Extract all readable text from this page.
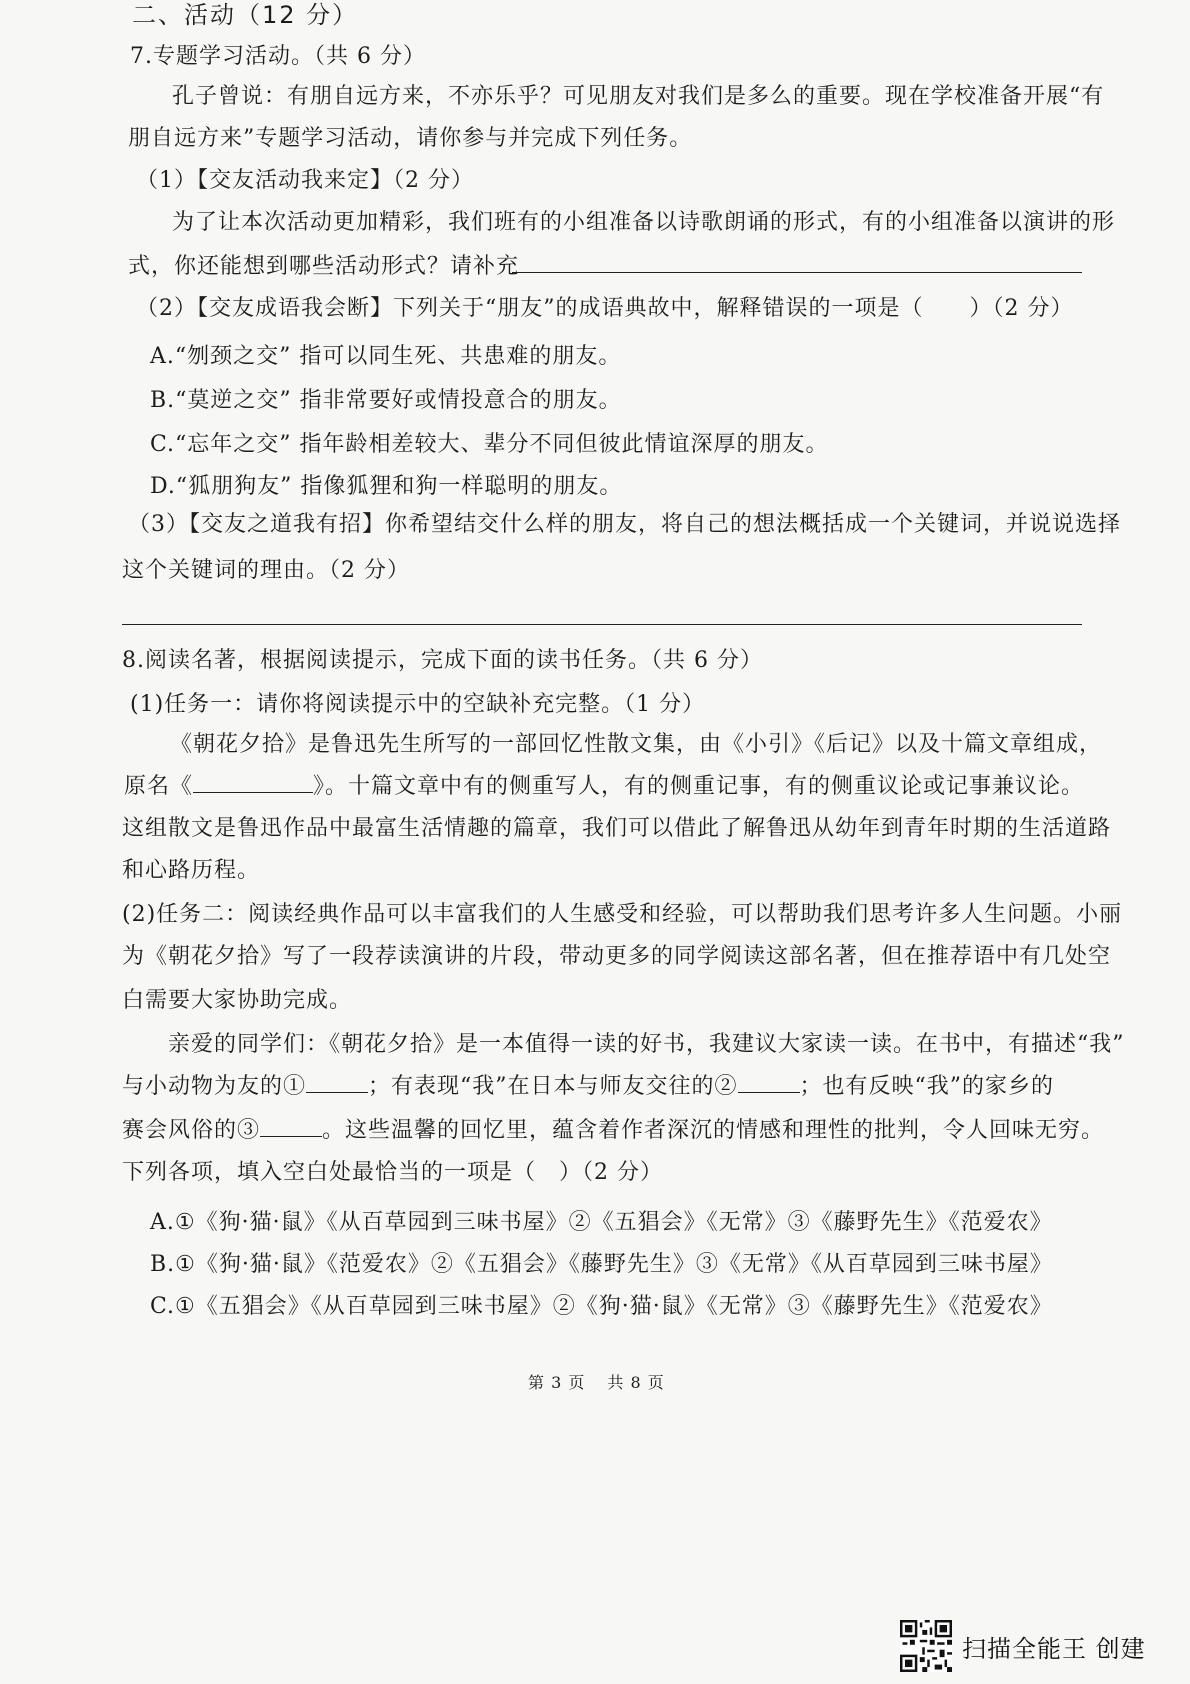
二、活动（12 分）
7.专题学习活动。（共 6 分）
孔子曾说：有朋自远方来，不亦乐乎？可见朋友对我们是多么的重要。现在学校准备开展“有
朋自远方来”专题学习活动，请你参与并完成下列任务。
（1）【交友活动我来定】（2 分）
为了让本次活动更加精彩，我们班有的小组准备以诗歌朗诵的形式，有的小组准备以演讲的形
式，你还能想到哪些活动形式？请补充
（2）【交友成语我会断】下列关于“朋友”的成语典故中，解释错误的一项是（　　）（2 分）
A.“刎颈之交” 指可以同生死、共患难的朋友。
B.“莫逆之交” 指非常要好或情投意合的朋友。
C.“忘年之交” 指年龄相差较大、辈分不同但彼此情谊深厚的朋友。
D.“狐朋狗友” 指像狐狸和狗一样聪明的朋友。
（3）【交友之道我有招】你希望结交什么样的朋友，将自己的想法概括成一个关键词，并说说选择
这个关键词的理由。（2 分）
8.阅读名著，根据阅读提示，完成下面的读书任务。（共 6 分）
(1)任务一：请你将阅读提示中的空缺补充完整。（1 分）
《朝花夕拾》是鲁迅先生所写的一部回忆性散文集，由《小引》《后记》以及十篇文章组成，
原名《	》。十篇文章中有的侧重写人，有的侧重记事，有的侧重议论或记事兼议论。
这组散文是鲁迅作品中最富生活情趣的篇章，我们可以借此了解鲁迅从幼年到青年时期的生活道路
和心路历程。
(2)任务二：阅读经典作品可以丰富我们的人生感受和经验，可以帮助我们思考许多人生问题。小丽
为《朝花夕拾》写了一段荐读演讲的片段，带动更多的同学阅读这部名著，但在推荐语中有几处空
白需要大家协助完成。
亲爱的同学们：《朝花夕拾》是一本值得一读的好书，我建议大家读一读。在书中，有描述“我”
与小动物为友的①	；有表现“我”在日本与师友交往的②	；也有反映“我”的家乡的
赛会风俗的③	。这些温馨的回忆里，蕴含着作者深沉的情感和理性的批判，令人回味无穷。
下列各项，填入空白处最恰当的一项是（　）（2 分）
A.①《狗·猫·鼠》《从百草园到三味书屋》②《五猖会》《无常》③《藤野先生》《范爱农》
B.①《狗·猫·鼠》《范爱农》②《五猖会》《藤野先生》③《无常》《从百草园到三味书屋》
C.①《五猖会》《从百草园到三味书屋》②《狗·猫·鼠》《无常》③《藤野先生》《范爱农》
第 3 页 共 8 页
扫描全能王 创建
